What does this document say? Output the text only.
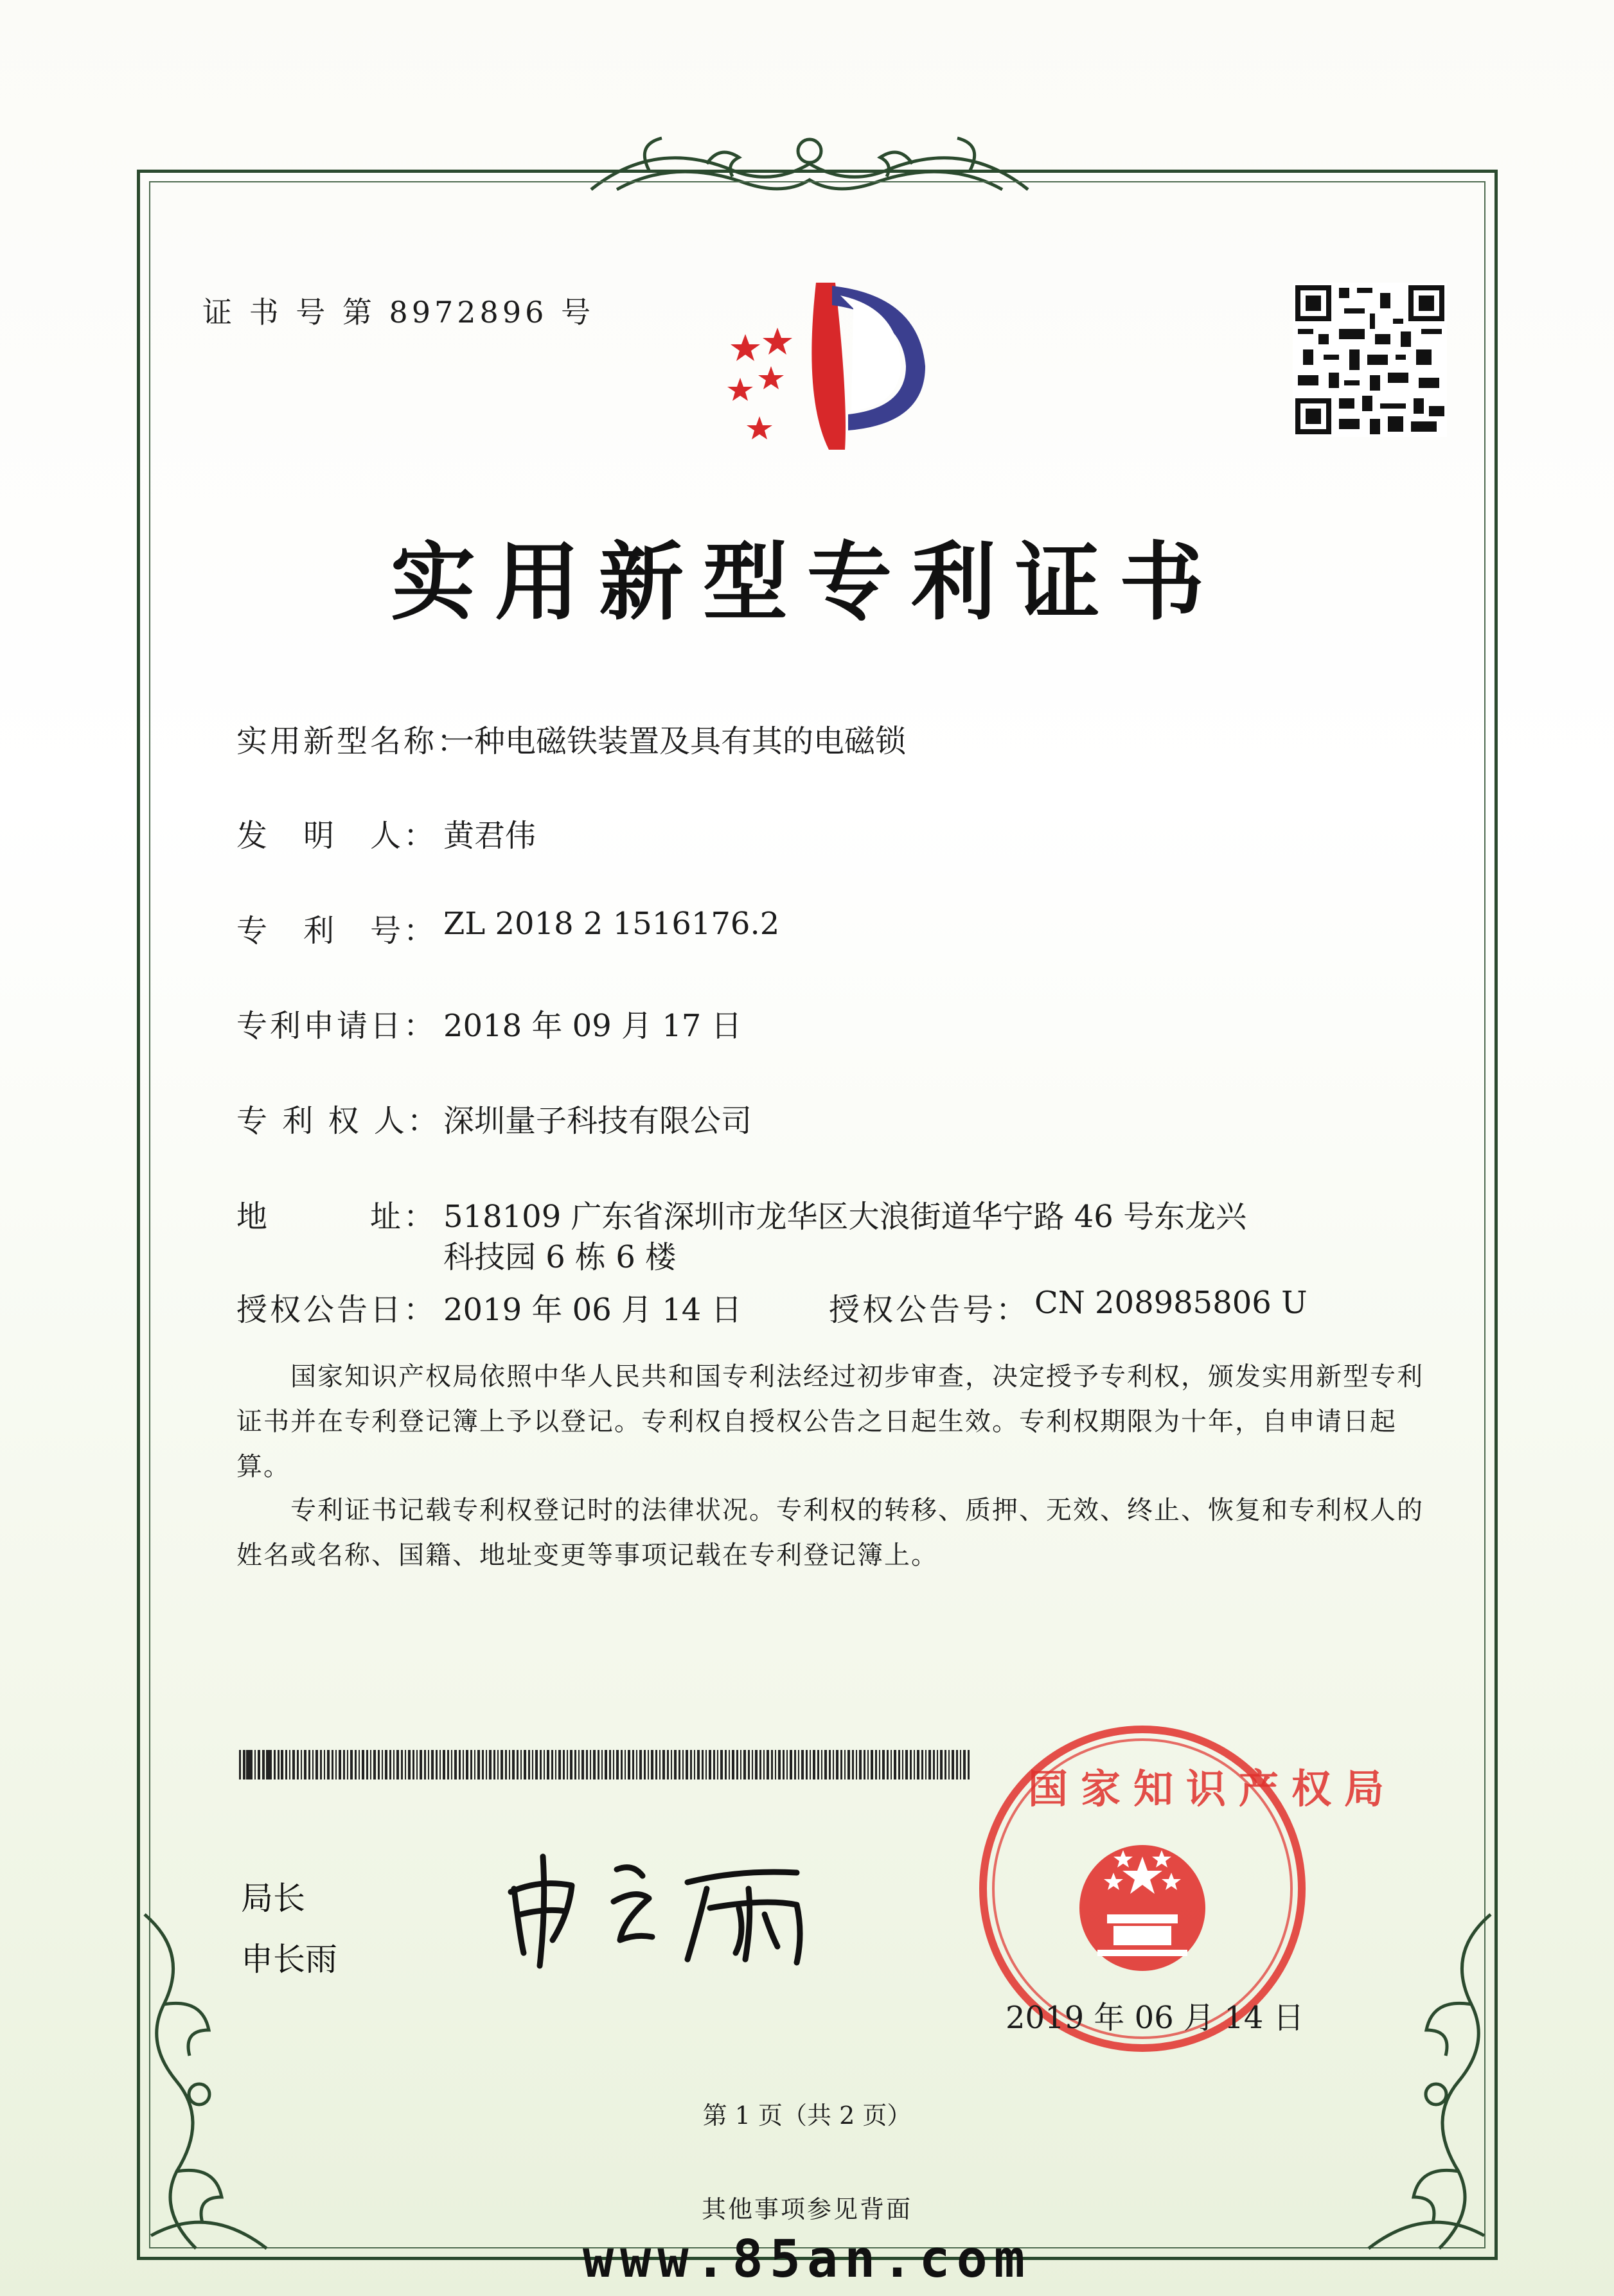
证 书 号 第 8972896 号
实用新型专利证书
实用新型名称：
一种电磁铁装置及具有其的电磁锁
发　明　人： 黄君伟
专　利　号： ZL 2018 2 1516176.2
专利申请日： 2018 年 09 月 17 日
专 利 权 人： 深圳量子科技有限公司
地　　　址： 518109 广东省深圳市龙华区大浪街道华宁路 46 号东龙兴
科技园 6 栋 6 楼
授权公告日： 2019 年 06 月 14 日	授权公告号： CN 208985806 U
　　国家知识产权局依照中华人民共和国专利法经过初步审查，决定授予专利权，颁发实用新型专利证书并在专利登记簿上予以登记。专利权自授权公告之日起生效。专利权期限为十年，自申请日起算。
　　专利证书记载专利权登记时的法律状况。专利权的转移、质押、无效、终止、恢复和专利权人的姓名或名称、国籍、地址变更等事项记载在专利登记簿上。
局长
申长雨
国家知识产权局
2019 年 06 月 14 日
第 1 页（共 2 页）
其他事项参见背面
www.85an.com
